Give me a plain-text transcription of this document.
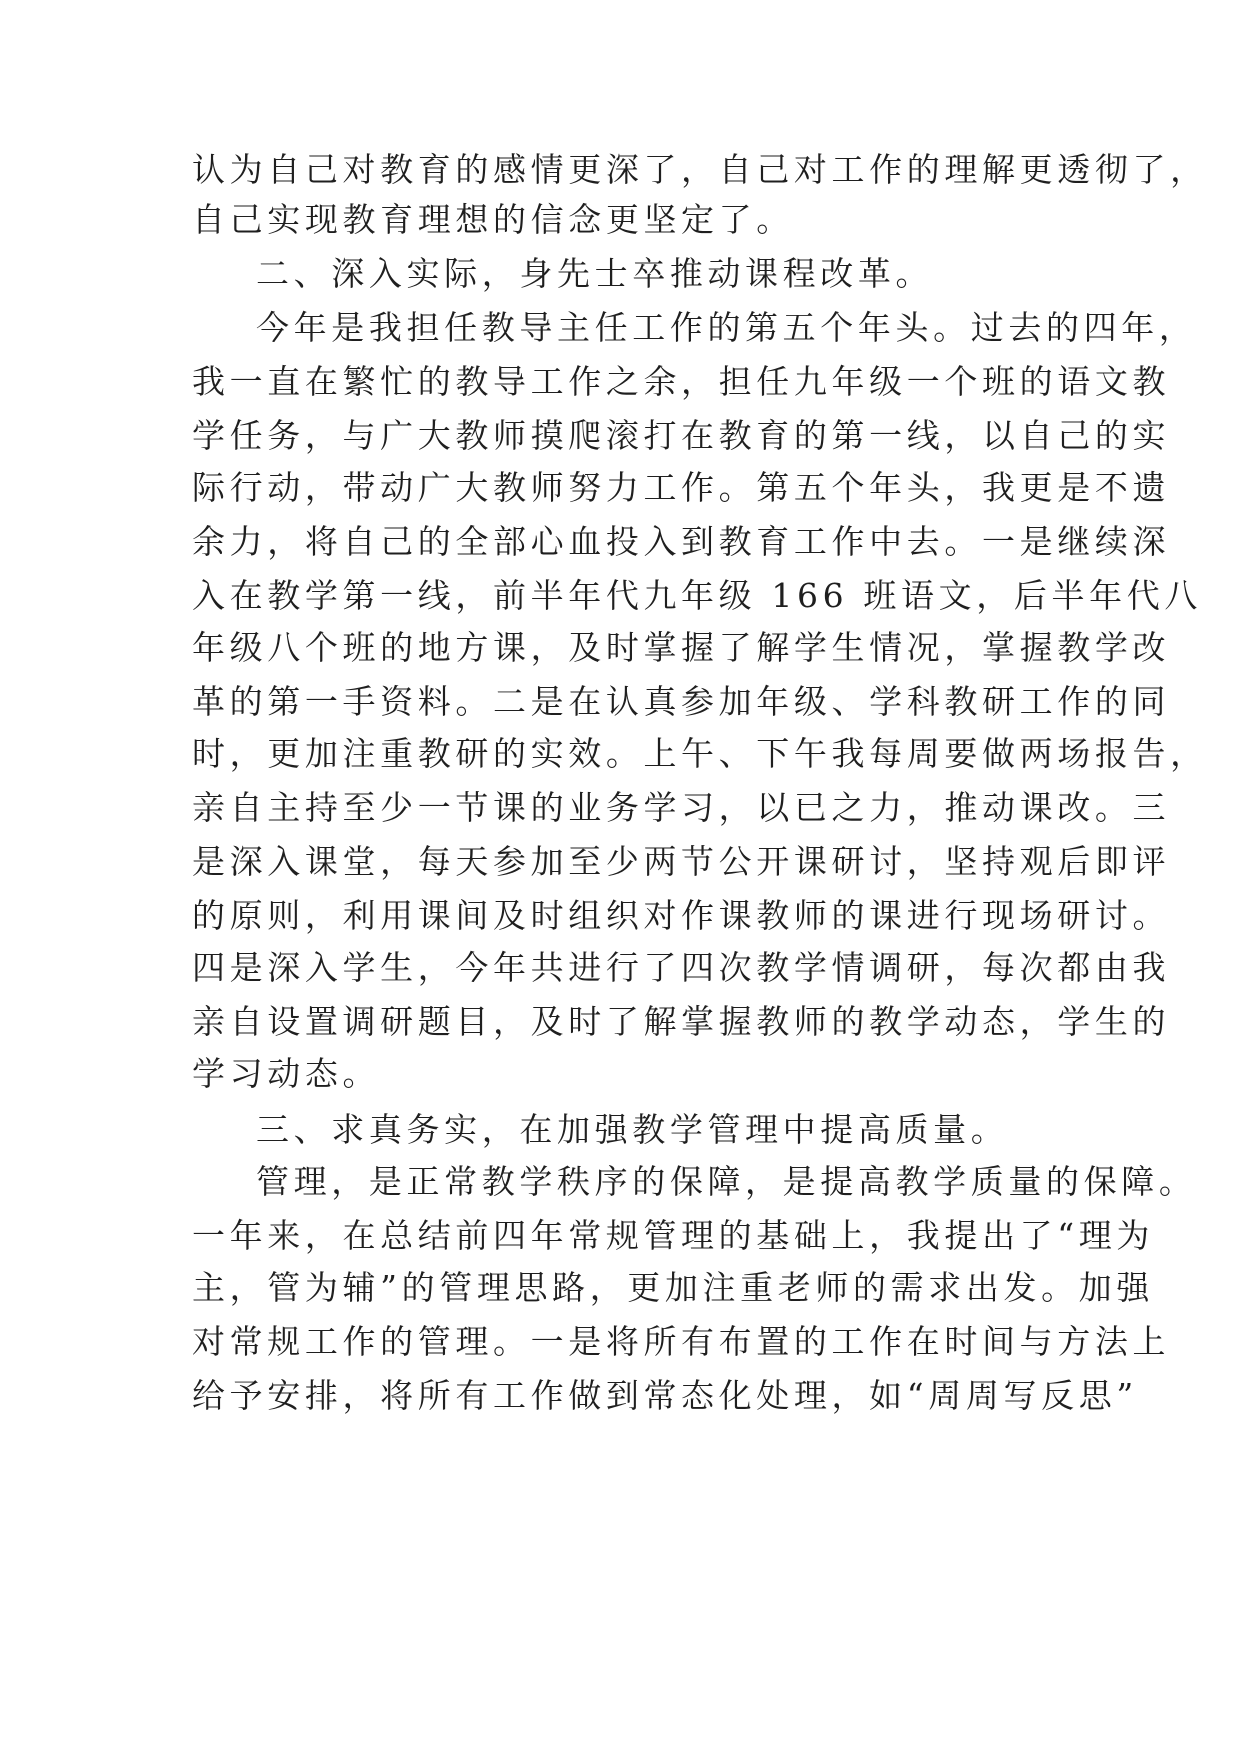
认为自己对教育的感情更深了，自己对工作的理解更透彻了，
自己实现教育理想的信念更坚定了。
二、深入实际，身先士卒推动课程改革。
今年是我担任教导主任工作的第五个年头。过去的四年，
我一直在繁忙的教导工作之余，担任九年级一个班的语文教
学任务，与广大教师摸爬滚打在教育的第一线，以自己的实
际行动，带动广大教师努力工作。第五个年头，我更是不遗
余力，将自己的全部心血投入到教育工作中去。一是继续深
入在教学第一线，前半年代九年级 166 班语文，后半年代八
年级八个班的地方课，及时掌握了解学生情况，掌握教学改
革的第一手资料。二是在认真参加年级、学科教研工作的同
时，更加注重教研的实效。上午、下午我每周要做两场报告，
亲自主持至少一节课的业务学习，以已之力，推动课改。三
是深入课堂，每天参加至少两节公开课研讨，坚持观后即评
的原则，利用课间及时组织对作课教师的课进行现场研讨。
四是深入学生，今年共进行了四次教学情调研，每次都由我
亲自设置调研题目，及时了解掌握教师的教学动态，学生的
学习动态。
三、求真务实，在加强教学管理中提高质量。
管理，是正常教学秩序的保障，是提高教学质量的保障。
一年来，在总结前四年常规管理的基础上，我提出了“理为
主，管为辅”的管理思路，更加注重老师的需求出发。加强
对常规工作的管理。一是将所有布置的工作在时间与方法上
给予安排，将所有工作做到常态化处理，如“周周写反思”
